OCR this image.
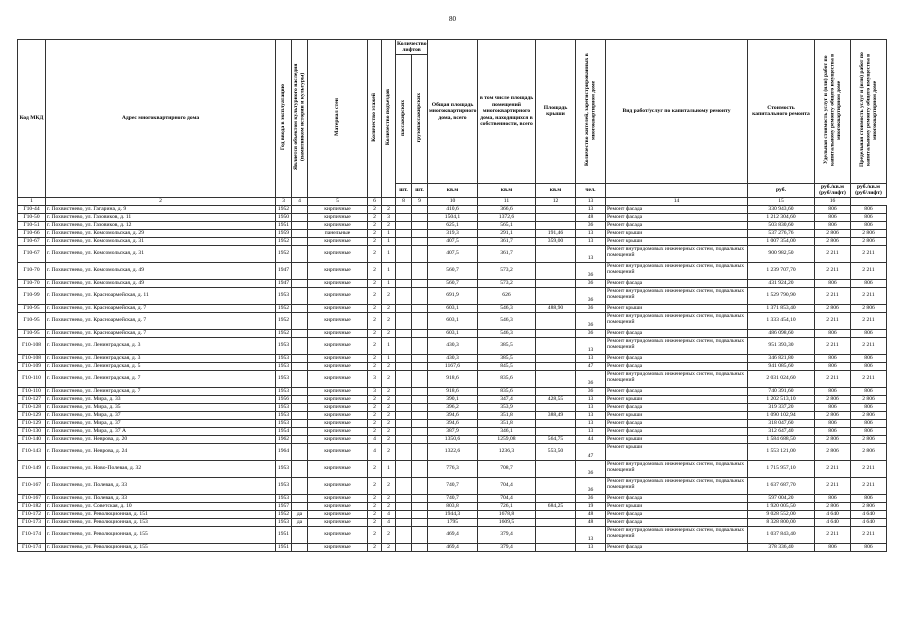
80
Код МКД	Адрес многоквартирного дома	Год ввода в эксплуатацию	Является объектом культурного наследия (памятником истории и культуры)	Материал стен	Количество этажей	Количество подъездов		Количество лифтов		Общая площадь многоквартирного дома, всего	в том числе площадь помещений многоквартирного дома, находящихся в собственности, всего	Площадь крыши	Количество жителей, зарегистрированных в многоквартирном доме	Вид работ/услуг по капитальному ремонту	Стоимость капитального ремонта	Удельная стоимость услуг и (или) работ по капитальному ремонту общего имущества в многоквартирном доме	Предельная стоимость услуг и (или) работ по капитальному ремонту общего имущества в многоквартирном доме
							пассажирских	грузопассажирских								
							шт.	шт.	кв.м	кв.м	кв.м	чел.		руб.	руб./кв.м (руб/лифт)	руб./кв.м (руб/лифт)
1	2	3	4	5	6			8	9	10	11	12	13	14	15	16	
Г10-44	г. Похвистнево, ул. Гагарина, д. 9	1952		кирпичные	2	2				410,6	366,6		13	Ремонт фасада	330 943,60	806	806
Г10-50	г. Похвистнево, ул. Газовиков, д. 11	1950		кирпичные	2	3				1504,1	1372,6		48	Ремонт фасада	1 212 304,60	806	806
Г10-51	г. Похвистнево, ул. Газовиков, д. 12	1951		кирпичные	2	2				625,1	565,1		36	Ремонт фасада	503 830,60	806	806
Г10-66	г. Похвистнево, ул. Комсомольская, д. 29	1959		панельные	2	1				319,3	291,1	191,46	13	Ремонт крыши	537 276,76	2 806	2 806
Г10-67	г. Похвистнево, ул. Комсомольская, д. 31	1952		кирпичные	2	1				407,5	361,7	359,00	13	Ремонт крыши	1 007 354,00	2 806	2 806
Г10-67	г. Похвистнево, ул. Комсомольская, д. 31	1952		кирпичные	2	1				407,5	361,7		13	Ремонт внутридомовых инженерных систем, подвальных помещений	900 982,50	2 211	2 211
Г10-70	г. Похвистнево, ул. Комсомольская, д. 49	1947		кирпичные	2	1				560,7	573,2		36	Ремонт внутридомовых инженерных систем, подвальных помещений	1 239 707,70	2 211	2 211
Г10-70	г. Похвистнево, ул. Комсомольская, д. 49	1947		кирпичные	2	1				560,7	573,2		36	Ремонт фасада	431 924,20	806	806
Г10-99	г. Похвистнево, ул. Красноармейская, д. 11	1953		кирпичные	2	2				691,9	626		36	Ремонт внутридомовых инженерных систем, подвальных помещений	1 529 790,90	2 211	2 211
Г10-95	г. Похвистнево, ул. Красноармейская, д. 7	1952		кирпичные	2	2				603,1	546,3	488,90	36	Ремонт крыши	1 371 853,40	2 806	2 806
Г10-95	г. Похвистнево, ул. Красноармейская, д. 7	1952		кирпичные	2	2				603,1	546,3		36	Ремонт внутридомовых инженерных систем, подвальных помещений	1 333 454,10	2 211	2 211
Г10-95	г. Похвистнево, ул. Красноармейская, д. 7	1952		кирпичные	2	2				603,1	546,3		36	Ремонт фасада	486 098,60	806	806
Г10-108	г. Похвистнево, ул. Ленинградская, д. 3	1953		кирпичные	2	1				430,3	385,5		13	Ремонт внутридомовых инженерных систем, подвальных помещений	951 393,30	2 211	2 211
Г10-108	г. Похвистнево, ул. Ленинградская, д. 3	1953		кирпичные	2	1				430,3	385,5		13	Ремонт фасада	346 821,80	806	806
Г10-109	г. Похвистнево, ул. Ленинградская, д. 5	1953		кирпичные	2	2				1167,6	845,5		47	Ремонт фасада	941 085,60	806	806
Г10-110	г. Похвистнево, ул. Ленинградская, д. 7	1953		кирпичные	3	2				918,6	835,6		36	Ремонт внутридомовых инженерных систем, подвальных помещений	2 031 024,60	2 211	2 211
Г10-110	г. Похвистнево, ул. Ленинградская, д. 7	1953		кирпичные	3	2				918,6	835,6		36	Ремонт фасада	740 391,60	806	806
Г10-127	г. Похвистнево, ул. Мира, д. 33	1956		кирпичные	2	2				390,1	347,4	428,55	13	Ремонт крыши	1 202 513,10	2 806	2 806
Г10-128	г. Похвистнево, ул. Мира, д. 35	1953		кирпичные	2	2				396,2	353,9		13	Ремонт фасада	319 337,20	806	806
Г10-129	г. Похвистнево, ул. Мира, д. 37	1953		кирпичные	2	2				394,6	351,8	388,49	13	Ремонт крыши	1 090 102,94	2 806	2 806
Г10-129	г. Похвистнево, ул. Мира, д. 37	1953		кирпичные	2	2				394,6	351,8		13	Ремонт фасада	318 047,60	806	806
Г10-130	г. Похвистнево, ул. Мира, д. 37 А	1954		кирпичные	2	2				387,9	346,1		13	Ремонт фасада	312 647,40	806	806
Г10-140	г. Похвистнево, ул. Неврова, д. 20	1962		кирпичные	4	2				1350,6	1259,08	564,75	44	Ремонт крыши	1 584 688,50	2 806	2 806
Г10-143	г. Похвистнево, ул. Неврова, д. 24	1964		кирпичные	4	2				1322,6	1236,3	553,50	47	Ремонт крыши	1 553 121,00	2 806	2 806
Г10-149	г. Похвистнево, ул. Ново-Полевая, д. 32	1953		кирпичные	2	1				776,3	708,7		36	Ремонт внутридомовых инженерных систем, подвальных помещений	1 715 957,10	2 211	2 211
Г10-167	г. Похвистнево, ул. Полевая, д. 33	1953		кирпичные	2	2				740,7	704,4		36	Ремонт внутридомовых инженерных систем, подвальных помещений	1 637 687,70	2 211	2 211
Г10-167	г. Похвистнево, ул. Полевая, д. 33	1953		кирпичные	2	2				740,7	704,4		36	Ремонт фасада	597 004,20	806	806
Г10-182	г. Похвистнево, ул. Советская, д. 10	1957		кирпичные	2	2				803,8	726,1	684,25	19	Ремонт крыши	1 920 005,50	2 806	2 806
Г10-172	г. Похвистнево, ул. Революционная, д. 151	1952	да	кирпичные	2	4				1944,3	1678,8		48	Ремонт фасада	9 028 552,00	4 640	4 640
Г10-173	г. Похвистнево, ул. Революционная, д. 153	1953	да	кирпичные	2	4				1795	1609,5		48	Ремонт фасада	8 328 800,00	4 640	4 640
Г10-174	г. Похвистнево, ул. Революционная, д. 155	1951		кирпичные	2	2				469,4	379,4		13	Ремонт внутридомовых инженерных систем, подвальных помещений	1 037 843,40	2 211	2 211
Г10-174	г. Похвистнево, ул. Революционная, д. 155	1951		кирпичные	2	2				469,4	379,4		13	Ремонт фасада	378 336,40	806	806
